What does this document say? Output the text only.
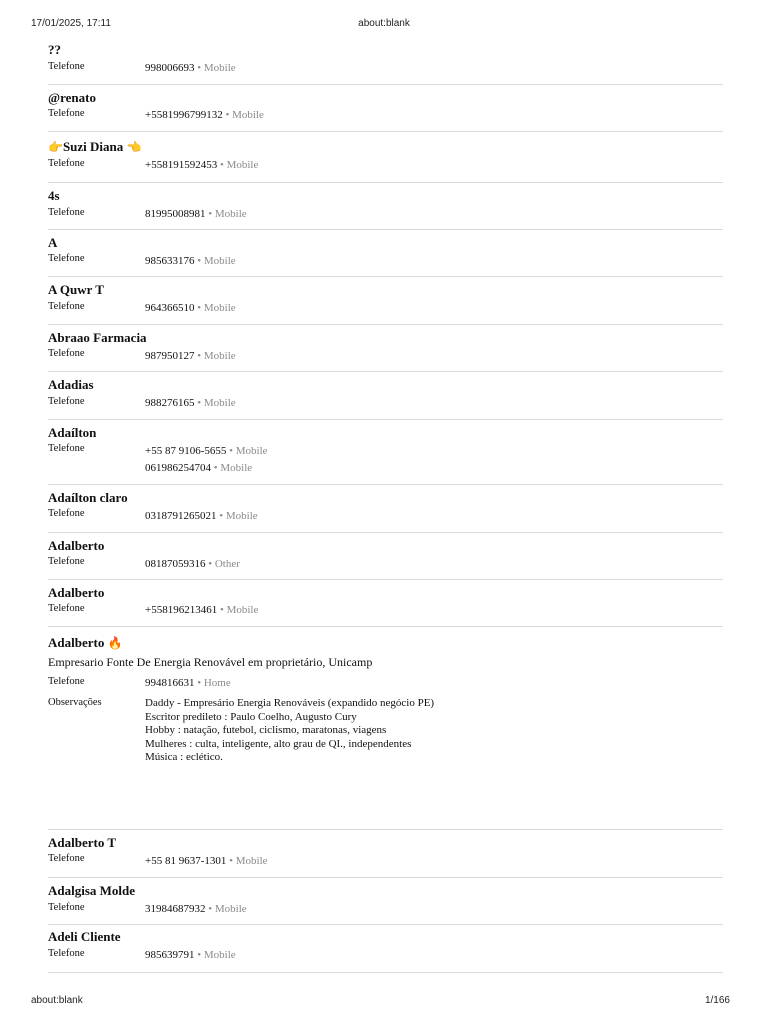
17/01/2025, 17:11	about:blank
??
Telefone	998006693 • Mobile
@renato
Telefone	+5581996799132 • Mobile
👉Suzi Diana 👈
Telefone	+558191592453 • Mobile
4s
Telefone	81995008981 • Mobile
A
Telefone	985633176 • Mobile
A Quwr T
Telefone	964366510 • Mobile
Abraao Farmacia
Telefone	987950127 • Mobile
Adadias
Telefone	988276165 • Mobile
Adaílton
Telefone	+55 87 9106-5655 • Mobile
061986254704 • Mobile
Adaílton claro
Telefone	0318791265021 • Mobile
Adalberto
Telefone	08187059316 • Other
Adalberto
Telefone	+558196213461 • Mobile
Adalberto 🔥
Empresario Fonte De Energia Renovável em proprietário, Unicamp
Telefone	994816631 • Home
Observações	Daddy - Empresário Energia Renováveis (expandido negócio PE)
Escritor predileto : Paulo Coelho, Augusto Cury
Hobby : natação, futebol, ciclismo, maratonas, viagens
Mulheres : culta, inteligente, alto grau de QI., independentes
Música : eclético.
Adalberto T
Telefone	+55 81 9637-1301 • Mobile
Adalgisa Molde
Telefone	31984687932 • Mobile
Adeli Cliente
Telefone	985639791 • Mobile
about:blank	1/166
